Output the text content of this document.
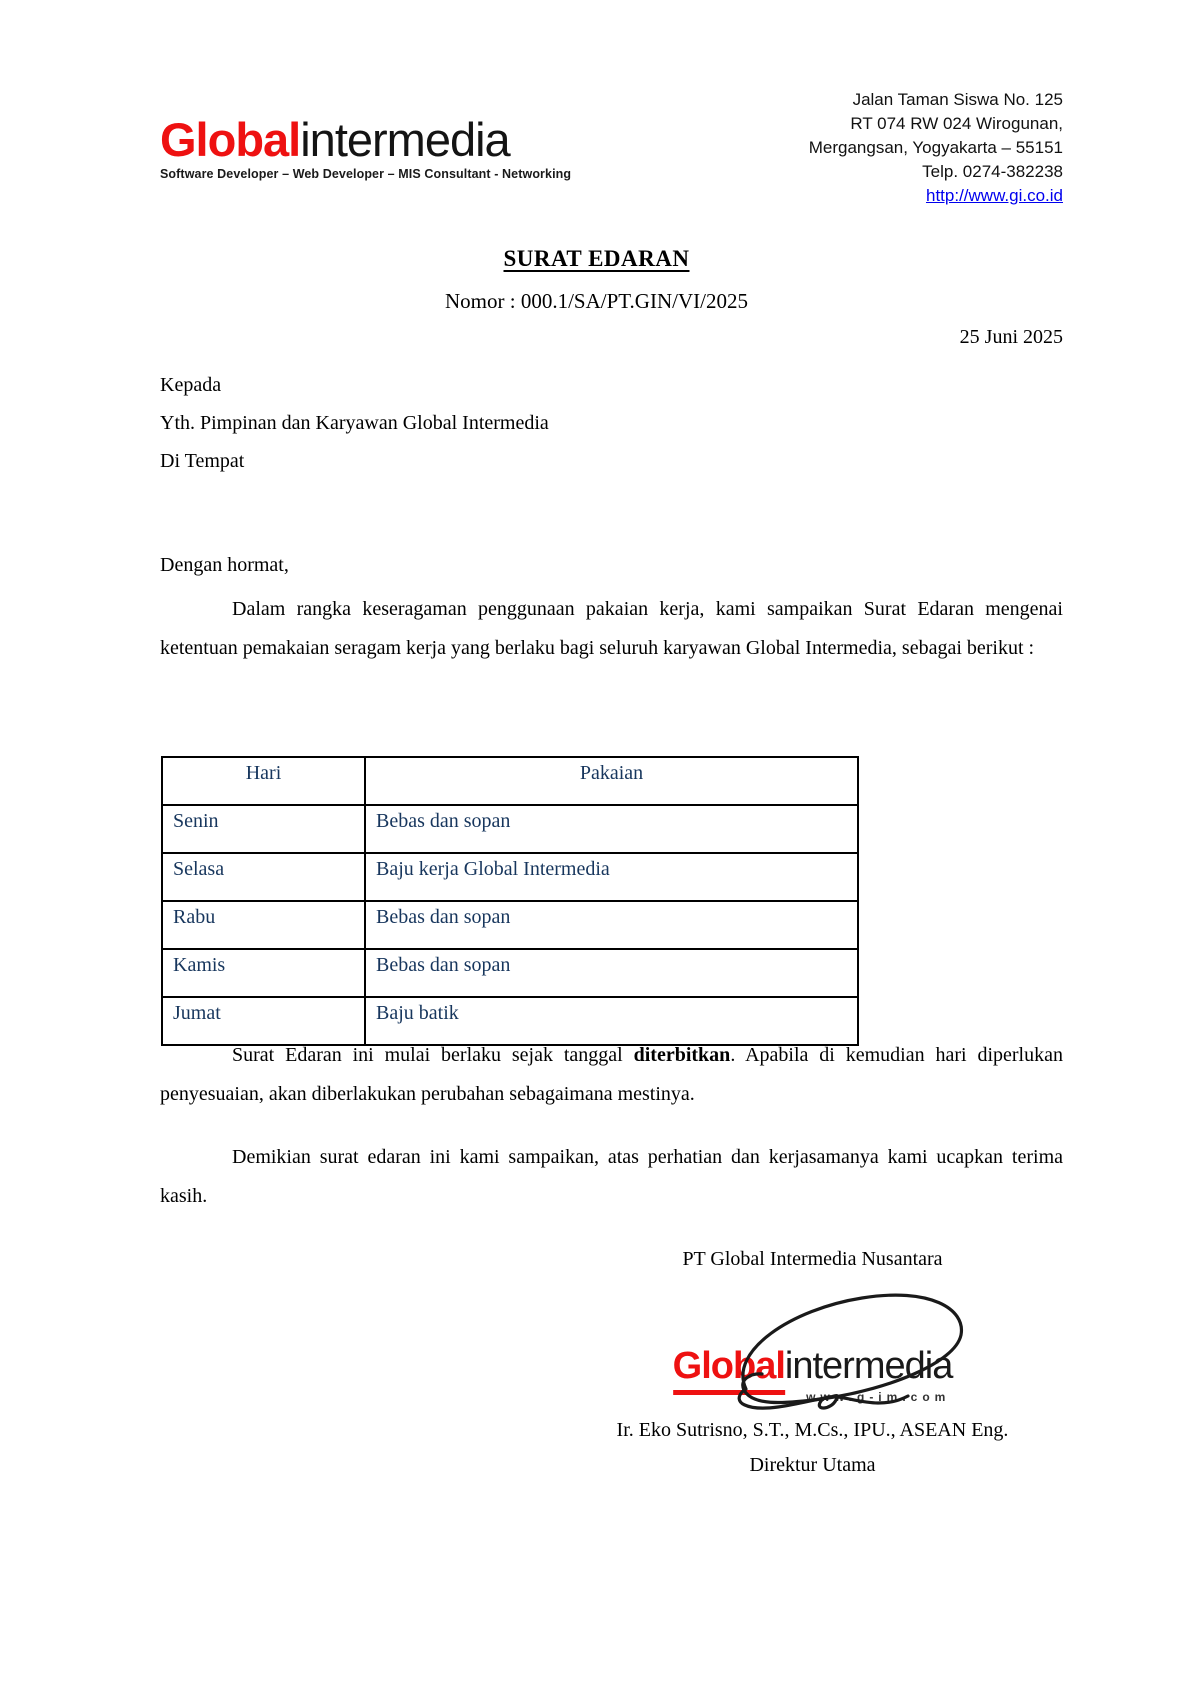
Globalintermedia
Software Developer – Web Developer – MIS Consultant - Networking
Jalan Taman Siswa No. 125
RT 074 RW 024 Wirogunan,
Mergangsan, Yogyakarta – 55151
Telp. 0274-382238
http://www.gi.co.id
SURAT EDARAN
Nomor : 000.1/SA/PT.GIN/VI/2025
25 Juni 2025
Kepada
Yth. Pimpinan dan Karyawan Global Intermedia
Di Tempat
Dengan hormat,

Dalam rangka keseragaman penggunaan pakaian kerja, kami sampaikan Surat Edaran mengenai ketentuan pemakaian seragam kerja yang berlaku bagi seluruh karyawan Global Intermedia, sebagai berikut :

Hari	Pakaian
Senin	Bebas dan sopan
Selasa	Baju kerja Global Intermedia
Rabu	Bebas dan sopan
Kamis	Bebas dan sopan
Jumat	Baju batik

Surat Edaran ini mulai berlaku sejak tanggal diterbitkan. Apabila di kemudian hari diperlukan penyesuaian, akan diberlakukan perubahan sebagaimana mestinya.

Demikian surat edaran ini kami sampaikan, atas perhatian dan kerjasamanya kami ucapkan terima kasih.

PT Global Intermedia Nusantara
Globalintermedia
www.g-im.com
Ir. Eko Sutrisno, S.T., M.Cs., IPU., ASEAN Eng.
Direktur Utama
